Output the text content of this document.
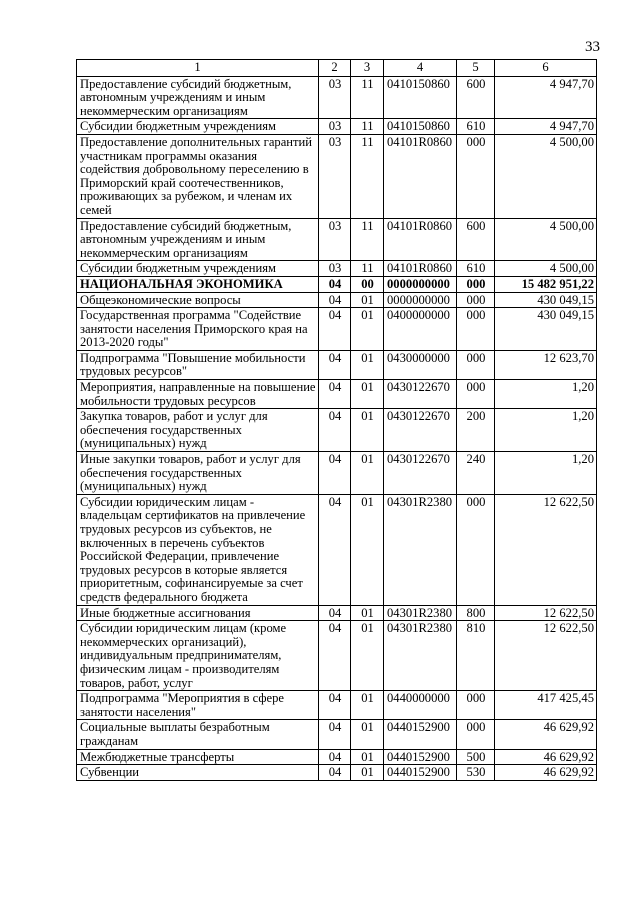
33
1	2	3	4	5	6
Предоставление субсидий бюджетным, автономным учреждениям и иным некоммерческим организациям	03	11	0410150860	600	4 947,70
Субсидии бюджетным учреждениям	03	11	0410150860	610	4 947,70
Предоставление дополнительных гарантий участникам программы оказания содействия добровольному переселению в Приморский край соотечественников, проживающих за рубежом, и членам их семей	03	11	04101R0860	000	4 500,00
Предоставление субсидий бюджетным, автономным учреждениям и иным некоммерческим организациям	03	11	04101R0860	600	4 500,00
Субсидии бюджетным учреждениям	03	11	04101R0860	610	4 500,00
НАЦИОНАЛЬНАЯ ЭКОНОМИКА	04	00	0000000000	000	15 482 951,22
Общеэкономические вопросы	04	01	0000000000	000	430 049,15
Государственная программа "Содействие занятости населения Приморского края на 2013-2020 годы"	04	01	0400000000	000	430 049,15
Подпрограмма "Повышение мобильности трудовых ресурсов"	04	01	0430000000	000	12 623,70
Мероприятия, направленные на повышение мобильности трудовых ресурсов	04	01	0430122670	000	1,20
Закупка товаров, работ и услуг для обеспечения государственных (муниципальных) нужд	04	01	0430122670	200	1,20
Иные закупки товаров, работ и услуг для обеспечения государственных (муниципальных) нужд	04	01	0430122670	240	1,20
Субсидии юридическим лицам - владельцам сертификатов на привлечение трудовых ресурсов из субъектов, не включенных в перечень субъектов Российской Федерации, привлечение трудовых ресурсов в которые является приоритетным, софинансируемые за счет средств федерального бюджета	04	01	04301R2380	000	12 622,50
Иные бюджетные ассигнования	04	01	04301R2380	800	12 622,50
Субсидии юридическим лицам (кроме некоммерческих организаций), индивидуальным предпринимателям, физическим лицам - производителям товаров, работ, услуг	04	01	04301R2380	810	12 622,50
Подпрограмма "Мероприятия в сфере занятости населения"	04	01	0440000000	000	417 425,45
Социальные выплаты безработным гражданам	04	01	0440152900	000	46 629,92
Межбюджетные трансферты	04	01	0440152900	500	46 629,92
Субвенции	04	01	0440152900	530	46 629,92
